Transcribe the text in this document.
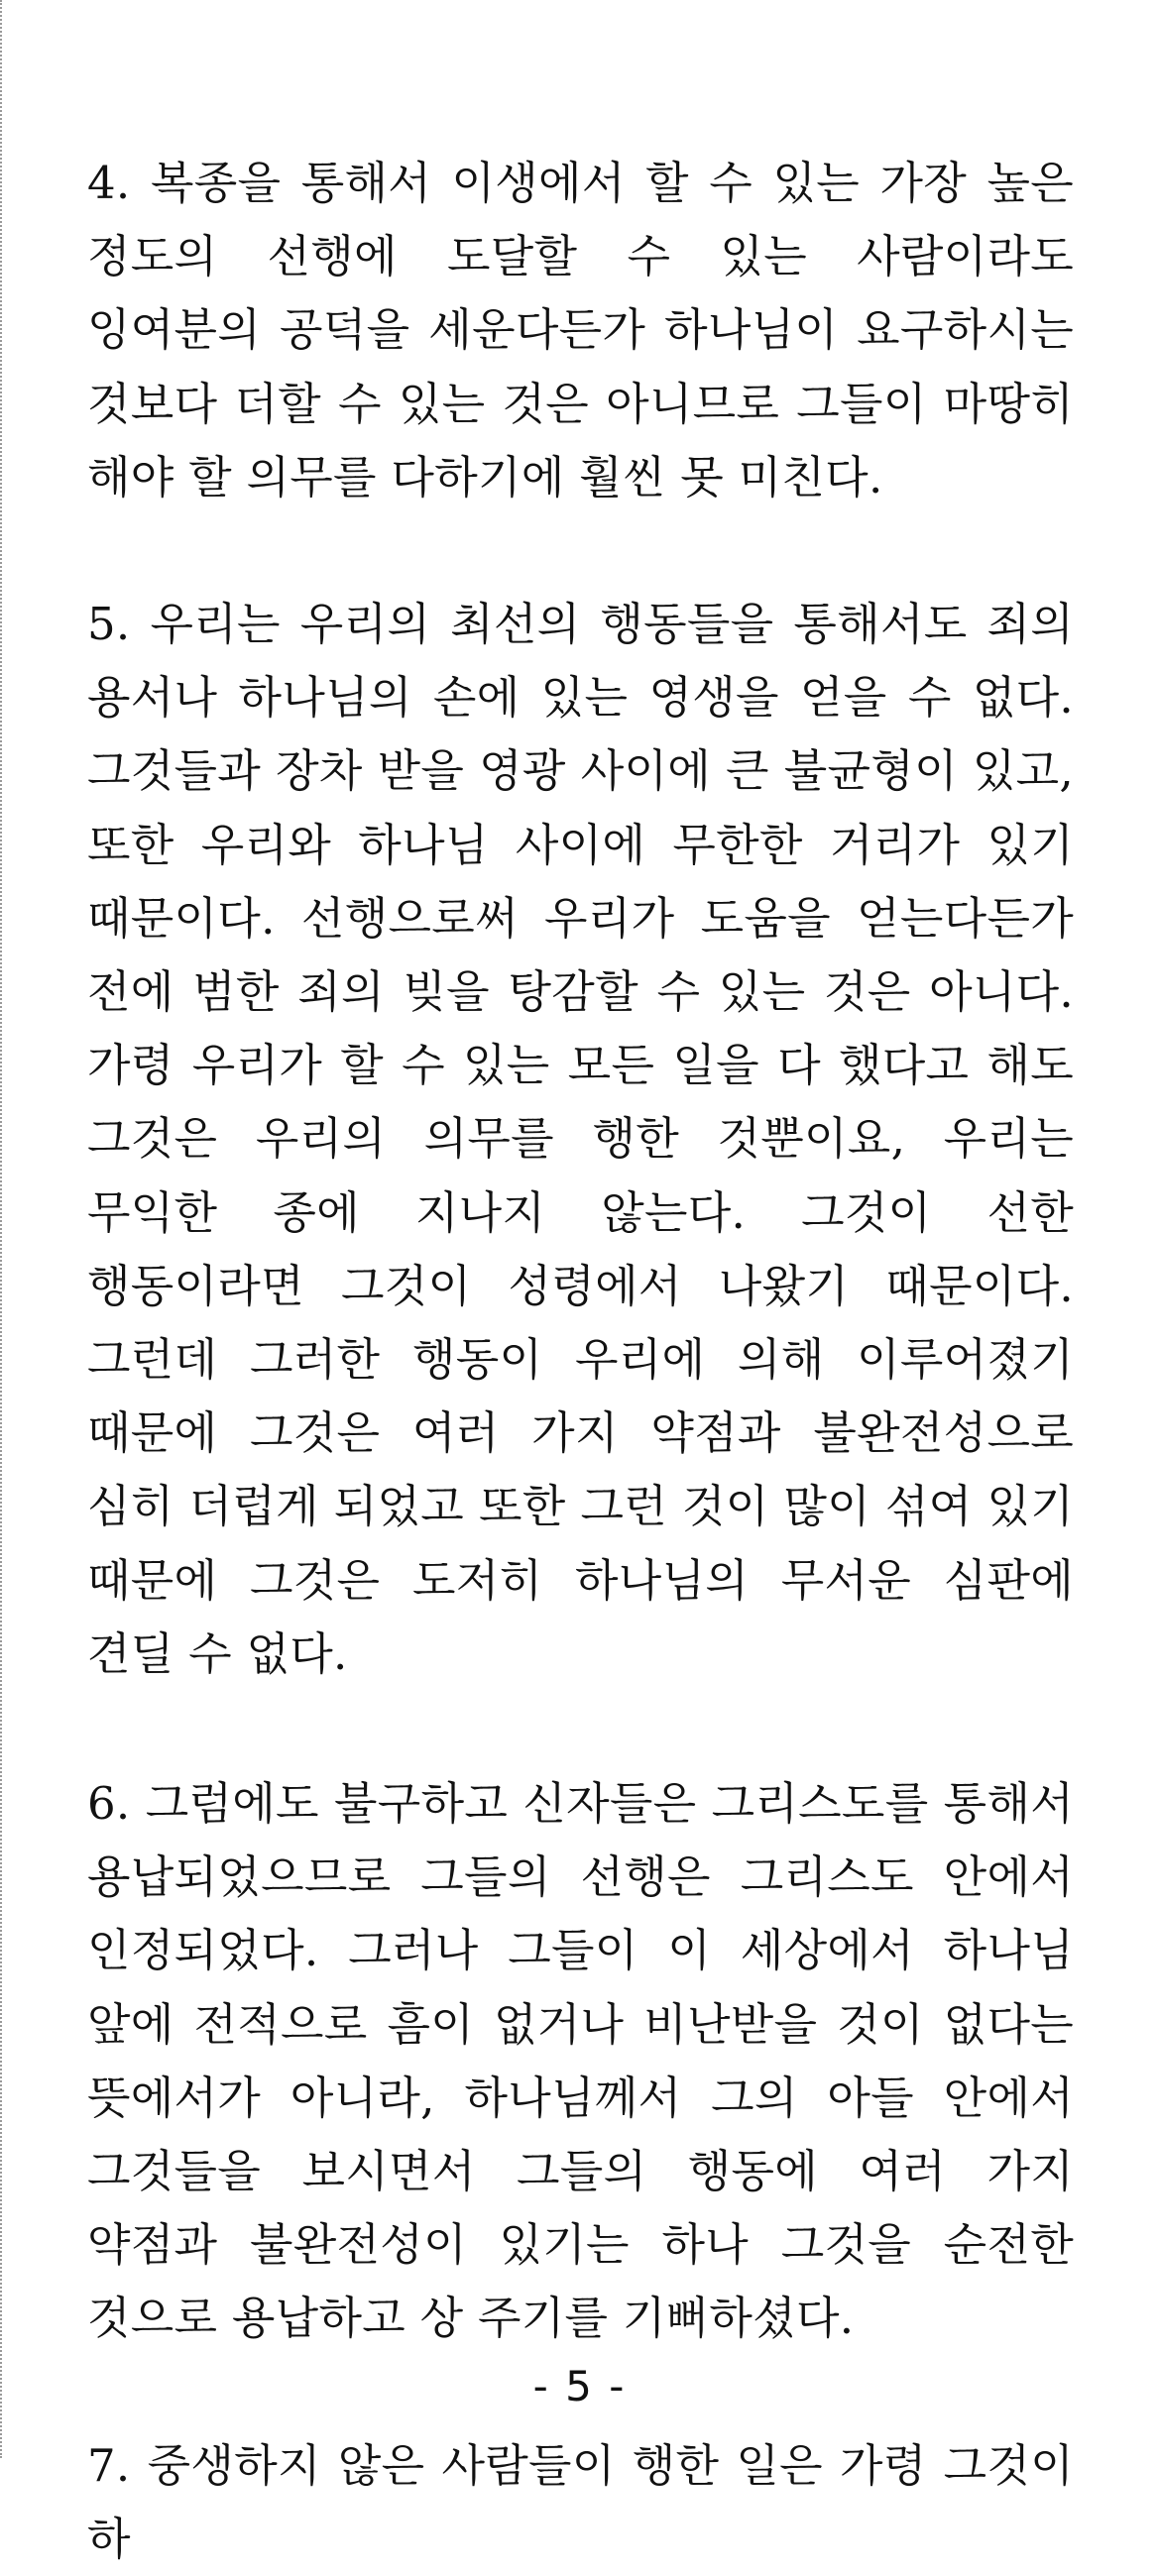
4. 복종을 통해서 이생에서 할 수 있는 가장 높은 정도의 선행에 도달할 수 있는 사람이라도 잉여분의 공덕을 세운다든가 하나님이 요구하시는 것보다 더할 수 있는 것은 아니므로 그들이 마땅히 해야 할 의무를 다하기에 훨씬 못 미친다.

5. 우리는 우리의 최선의 행동들을 통해서도 죄의 용서나 하나님의 손에 있는 영생을 얻을 수 없다. 그것들과 장차 받을 영광 사이에 큰 불균형이 있고, 또한 우리와 하나님 사이에 무한한 거리가 있기 때문이다. 선행으로써 우리가 도움을 얻는다든가 전에 범한 죄의 빚을 탕감할 수 있는 것은 아니다. 가령 우리가 할 수 있는 모든 일을 다 했다고 해도 그것은 우리의 의무를 행한 것뿐이요, 우리는 무익한 종에 지나지 않는다. 그것이 선한 행동이라면 그것이 성령에서 나왔기 때문이다. 그런데 그러한 행동이 우리에 의해 이루어졌기 때문에 그것은 여러 가지 약점과 불완전성으로 심히 더럽게 되었고 또한 그런 것이 많이 섞여 있기 때문에 그것은 도저히 하나님의 무서운 심판에 견딜 수 없다.

6. 그럼에도 불구하고 신자들은 그리스도를 통해서 용납되었으므로 그들의 선행은 그리스도 안에서 인정되었다. 그러나 그들이 이 세상에서 하나님 앞에 전적으로 흠이 없거나 비난받을 것이 없다는 뜻에서가 아니라, 하나님께서 그의 아들 안에서 그것들을 보시면서 그들의 행동에 여러 가지 약점과 불완전성이 있기는 하나 그것을 순전한 것으로 용납하고 상 주기를 기뻐하셨다.

7. 중생하지 않은 사람들이 행한 일은 가령 그것이 하

- 5 -
